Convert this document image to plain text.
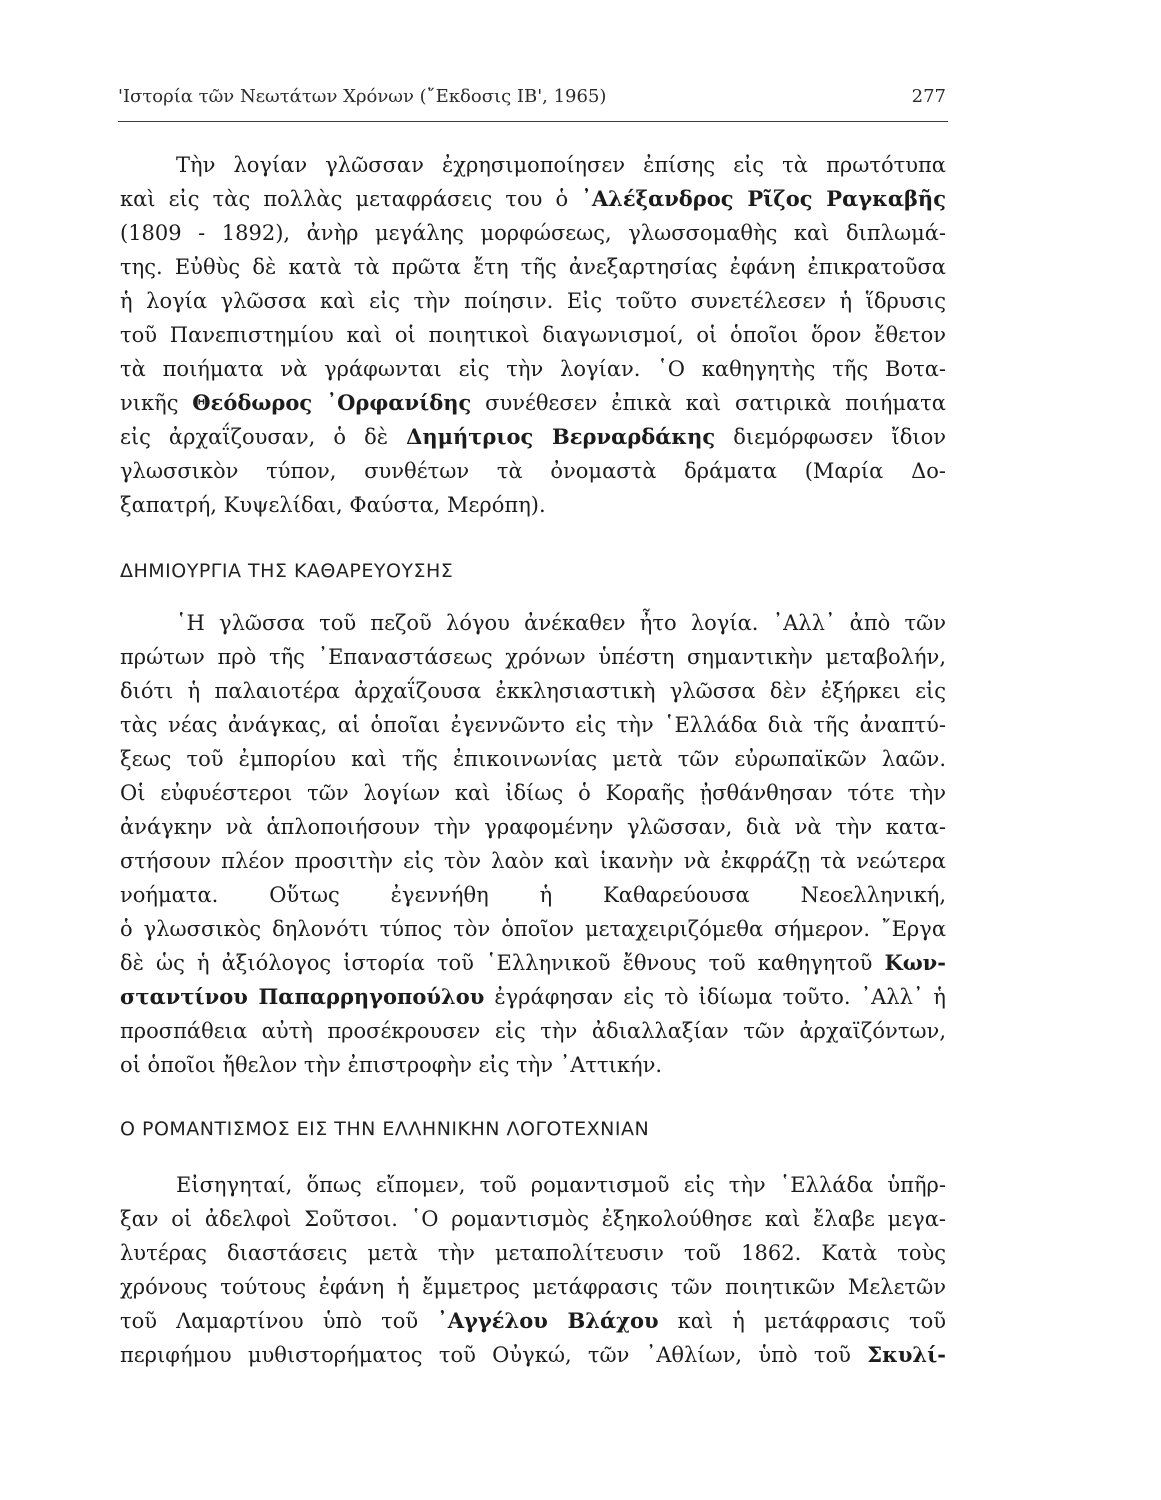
'Ιστορία τῶν Νεωτάτων Χρόνων (῎Εκδοσις ΙΒ', 1965)	277
Τὴν λογίαν γλῶσσαν ἐχρησιμοποίησεν ἐπίσης εἰς τὰ πρωτότυπα
καὶ εἰς τὰς πολλὰς μεταφράσεις του ὁ ᾿Αλέξανδρος Ρῖζος Ραγκαβῆς
(1809 - 1892), ἀνὴρ μεγάλης μορφώσεως, γλωσσομαθὴς καὶ διπλωμά-
της. Εὐθὺς δὲ κατὰ τὰ πρῶτα ἔτη τῆς ἀνεξαρτησίας ἐφάνη ἐπικρατοῦσα
ἡ λογία γλῶσσα καὶ εἰς τὴν ποίησιν. Εἰς τοῦτο συνετέλεσεν ἡ ἵδρυσις
τοῦ Πανεπιστημίου καὶ οἱ ποιητικοὶ διαγωνισμοί, οἱ ὁποῖοι ὅρον ἔθετον
τὰ ποιήματα νὰ γράφωνται εἰς τὴν λογίαν. ῾Ο καθηγητὴς τῆς Βοτα-
νικῆς Θεόδωρος ᾿Ορφανίδης συνέθεσεν ἐπικὰ καὶ σατιρικὰ ποιήματα
εἰς ἀρχαΐζουσαν, ὁ δὲ Δημήτριος Βερναρδάκης διεμόρφωσεν ἴδιον
γλωσσικὸν τύπον, συνθέτων τὰ ὀνομαστὰ δράματα (Μαρία Δο-
ξαπατρή, Κυψελίδαι, Φαύστα, Μερόπη).
ΔΗΜΙΟΥΡΓΙΑ ΤΗΣ ΚΑΘΑΡΕΥΟΥΣΗΣ
῾Η γλῶσσα τοῦ πεζοῦ λόγου ἀνέκαθεν ἦτο λογία. ᾿Αλλ᾿ ἀπὸ τῶν
πρώτων πρὸ τῆς ᾿Επαναστάσεως χρόνων ὑπέστη σημαντικὴν μεταβολήν,
διότι ἡ παλαιοτέρα ἀρχαΐζουσα ἐκκλησιαστικὴ γλῶσσα δὲν ἐξήρκει εἰς
τὰς νέας ἀνάγκας, αἱ ὁποῖαι ἐγεννῶντο εἰς τὴν ῾Ελλάδα διὰ τῆς ἀναπτύ-
ξεως τοῦ ἐμπορίου καὶ τῆς ἐπικοινωνίας μετὰ τῶν εὐρωπαϊκῶν λαῶν.
Οἱ εὐφυέστεροι τῶν λογίων καὶ ἰδίως ὁ Κοραῆς ᾐσθάνθησαν τότε τὴν
ἀνάγκην νὰ ἁπλοποιήσουν τὴν γραφομένην γλῶσσαν, διὰ νὰ τὴν κατα-
στήσουν πλέον προσιτὴν εἰς τὸν λαὸν καὶ ἱκανὴν νὰ ἐκφράζῃ τὰ νεώτερα
νοήματα. Οὕτως ἐγεννήθη ἡ Καθαρεύουσα Νεοελληνική,
ὁ γλωσσικὸς δηλονότι τύπος τὸν ὁποῖον μεταχειριζόμεθα σήμερον. ῎Εργα
δὲ ὡς ἡ ἀξιόλογος ἱστορία τοῦ ῾Ελληνικοῦ ἔθνους τοῦ καθηγητοῦ Κων-
σταντίνου Παπαρρηγοπούλου ἐγράφησαν εἰς τὸ ἰδίωμα τοῦτο. ᾿Αλλ᾿ ἡ
προσπάθεια αὐτὴ προσέκρουσεν εἰς τὴν ἀδιαλλαξίαν τῶν ἀρχαϊζόντων,
οἱ ὁποῖοι ἤθελον τὴν ἐπιστροφὴν εἰς τὴν ᾿Αττικήν.
Ο ΡΟΜΑΝΤΙΣΜΟΣ ΕΙΣ ΤΗΝ ΕΛΛΗΝΙΚΗΝ ΛΟΓΟΤΕΧΝΙΑΝ
Εἰσηγηταί, ὅπως εἴπομεν, τοῦ ρομαντισμοῦ εἰς τὴν ῾Ελλάδα ὑπῆρ-
ξαν οἱ ἀδελφοὶ Σοῦτσοι. ῾Ο ρομαντισμὸς ἐξηκολούθησε καὶ ἔλαβε μεγα-
λυτέρας διαστάσεις μετὰ τὴν μεταπολίτευσιν τοῦ 1862. Κατὰ τοὺς
χρόνους τούτους ἐφάνη ἡ ἔμμετρος μετάφρασις τῶν ποιητικῶν Μελετῶν
τοῦ Λαμαρτίνου ὑπὸ τοῦ ᾿Αγγέλου Βλάχου καὶ ἡ μετάφρασις τοῦ
περιφήμου μυθιστορήματος τοῦ Οὐγκώ, τῶν ᾿Αθλίων, ὑπὸ τοῦ Σκυλί-
